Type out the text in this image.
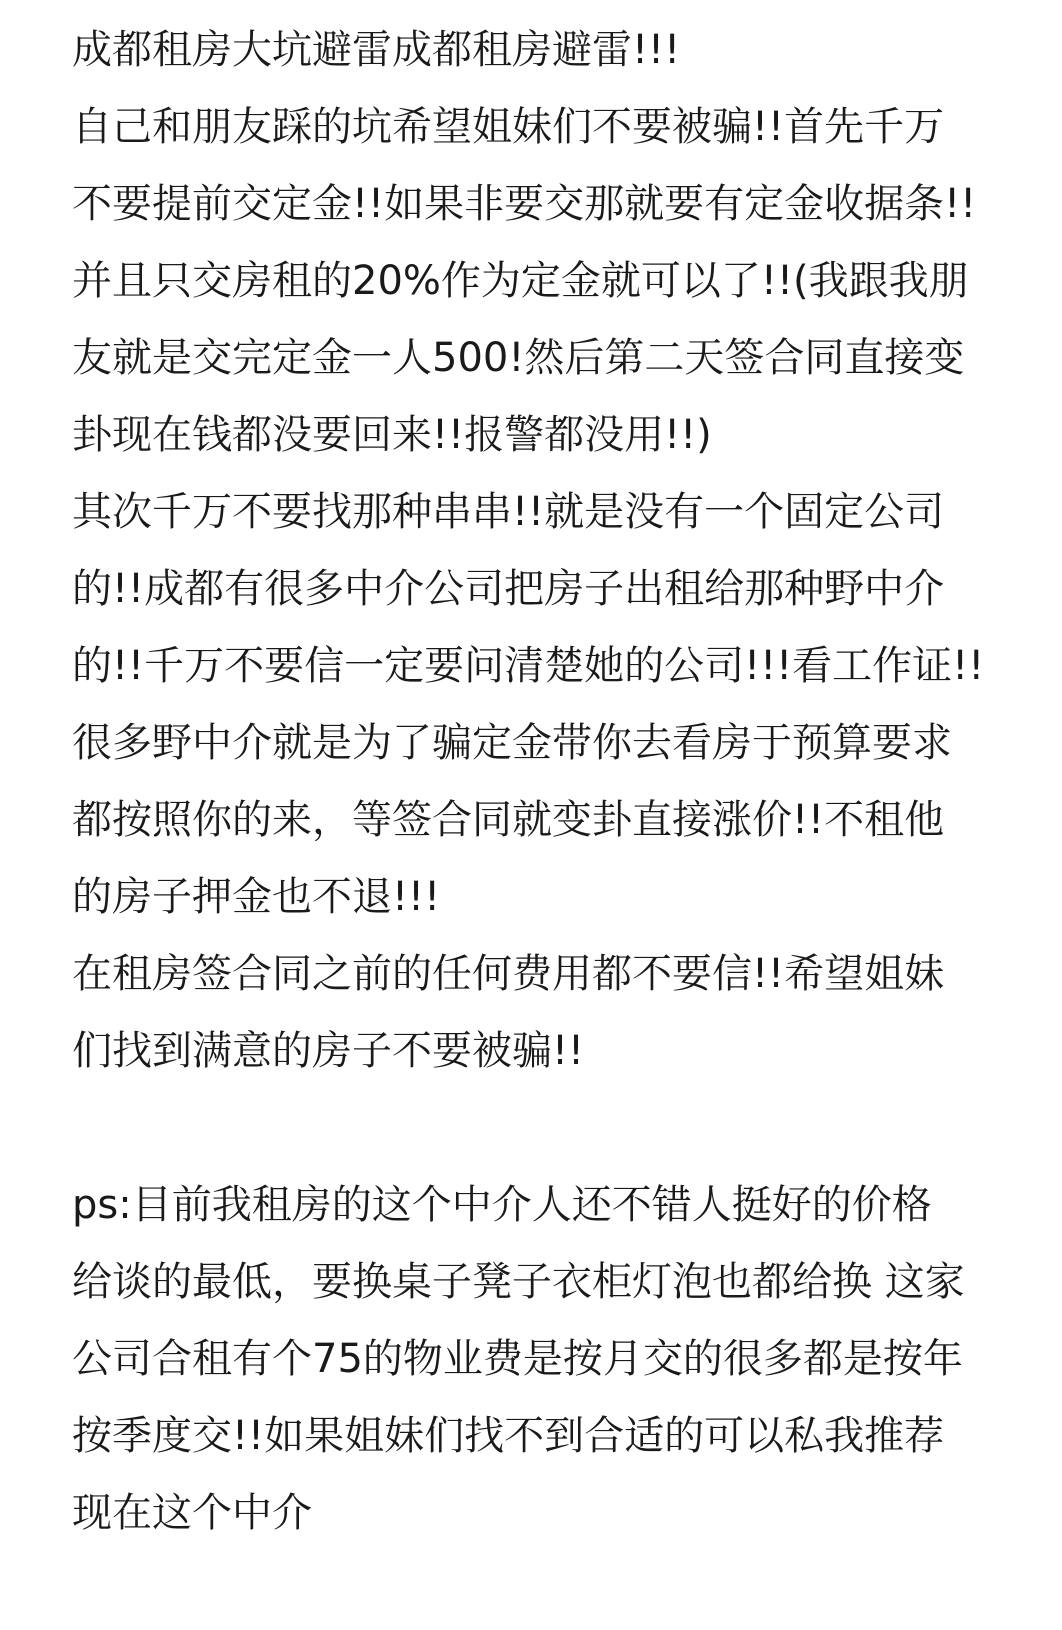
成都租房大坑避雷成都租房避雷!!!
自己和朋友踩的坑希望姐妹们不要被骗!!首先千万
不要提前交定金!!如果非要交那就要有定金收据条!!
并且只交房租的20%作为定金就可以了!!(我跟我朋
友就是交完定金一人500!然后第二天签合同直接变
卦现在钱都没要回来!!报警都没用!!)
其次千万不要找那种串串!!就是没有一个固定公司
的!!成都有很多中介公司把房子出租给那种野中介
的!!千万不要信一定要问清楚她的公司!!!看工作证!!
很多野中介就是为了骗定金带你去看房于预算要求
都按照你的来，等签合同就变卦直接涨价!!不租他
的房子押金也不退!!!
在租房签合同之前的任何费用都不要信!!希望姐妹
们找到满意的房子不要被骗!!
ps:目前我租房的这个中介人还不错人挺好的价格
给谈的最低，要换桌子凳子衣柜灯泡也都给换 这家
公司合租有个75的物业费是按月交的很多都是按年
按季度交!!如果姐妹们找不到合适的可以私我推荐
现在这个中介
